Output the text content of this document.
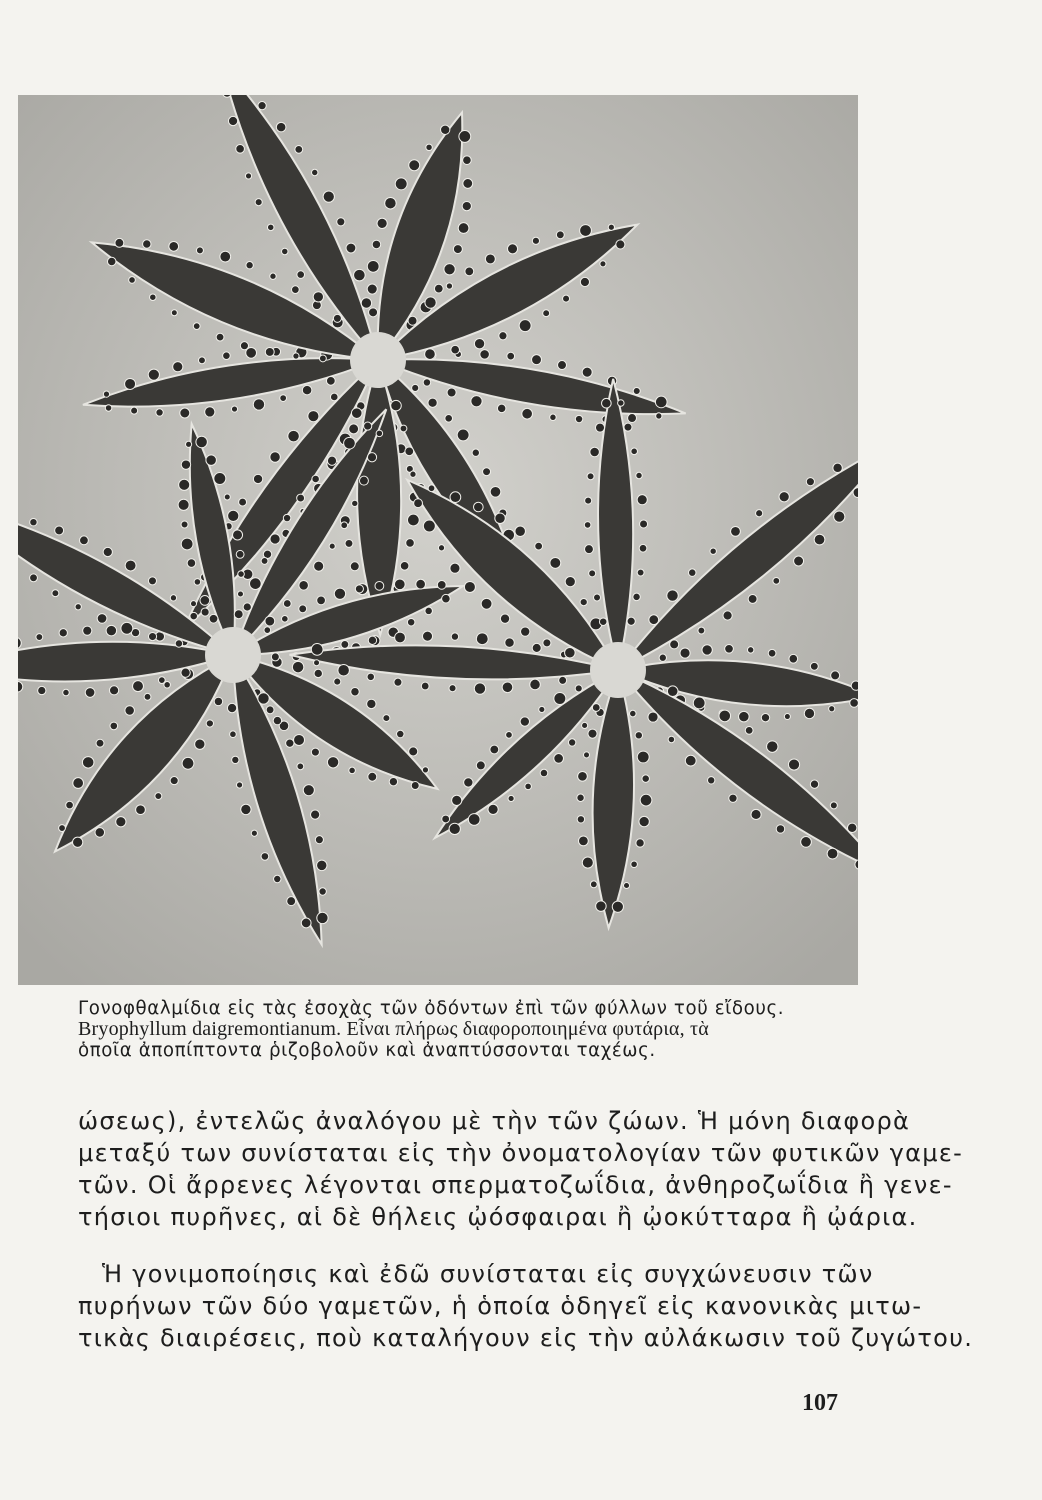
Γονοφθαλμίδια εἰς τὰς ἐσοχὰς τῶν ὀδόντων ἐπὶ τῶν φύλλων τοῦ εἴδους.
Bryophyllum daigremontianum. Εἶναι πλήρως διαφοροποιημένα φυτάρια, τὰ
ὁποῖα ἀποπίπτοντα ῥιζοβολοῦν καὶ ἀναπτύσσονται ταχέως.
ώσεως), ἐντελῶς ἀναλόγου μὲ τὴν τῶν ζώων. Ἡ μόνη διαφορὰ
μεταξύ των συνίσταται εἰς τὴν ὀνοματολογίαν τῶν φυτικῶν γαμε-
τῶν. Οἱ ἄρρενες λέγονται σπερματοζωΐδια, ἀνθηροζωΐδια ἢ γενε-
τήσιοι πυρῆνες, αἱ δὲ θήλεις ᾠόσφαιραι ἢ ᾠοκύτταρα ἢ ᾠάρια.
Ἡ γονιμοποίησις καὶ ἐδῶ συνίσταται εἰς συγχώνευσιν τῶν
πυρήνων τῶν δύο γαμετῶν, ἡ ὁποία ὁδηγεῖ εἰς κανονικὰς μιτω-
τικὰς διαιρέσεις, ποὺ καταλήγουν εἰς τὴν αὐλάκωσιν τοῦ ζυγώτου.
107
